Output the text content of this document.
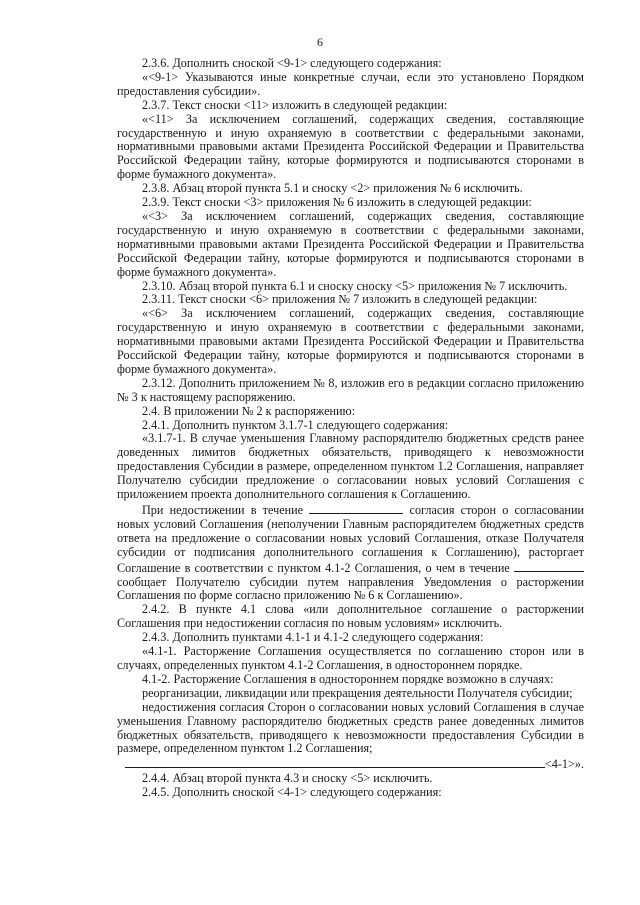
6

2.3.6. Дополнить сноской <9-1> следующего содержания:

«<9-1> Указываются иные конкретные случаи, если это установлено Порядком предоставления субсидии».

2.3.7. Текст сноски <11> изложить в следующей редакции:

«<11> За исключением соглашений, содержащих сведения, составляющие государственную и иную охраняемую в соответствии с федеральными законами, нормативными правовыми актами Президента Российской Федерации и Правительства Российской Федерации тайну, которые формируются и подписываются сторонами в форме бумажного документа».

2.3.8. Абзац второй пункта 5.1 и сноску <2> приложения № 6 исключить.

2.3.9. Текст сноски <3> приложения № 6 изложить в следующей редакции:

«<3> За исключением соглашений, содержащих сведения, составляющие государственную и иную охраняемую в соответствии с федеральными законами, нормативными правовыми актами Президента Российской Федерации и Правительства Российской Федерации тайну, которые формируются и подписываются сторонами в форме бумажного документа».

2.3.10. Абзац второй пункта 6.1 и сноску сноску <5> приложения № 7 исключить.

2.3.11. Текст сноски <6> приложения № 7 изложить в следующей редакции:

«<6> За исключением соглашений, содержащих сведения, составляющие государственную и иную охраняемую в соответствии с федеральными законами, нормативными правовыми актами Президента Российской Федерации и Правительства Российской Федерации тайну, которые формируются и подписываются сторонами в форме бумажного документа».

2.3.12. Дополнить приложением № 8, изложив его в редакции согласно приложению № 3 к настоящему распоряжению.

2.4. В приложении № 2 к распоряжению:

2.4.1. Дополнить пунктом 3.1.7-1 следующего содержания:

«3.1.7-1. В случае уменьшения Главному распорядителю бюджетных средств ранее доведенных лимитов бюджетных обязательств, приводящего к невозможности предоставления Субсидии в размере, определенном пунктом 1.2 Соглашения, направляет Получателю субсидии предложение о согласовании новых условий Соглашения с приложением проекта дополнительного соглашения к Соглашению.

При недостижении в течение	согласия сторон о согласовании новых условий Соглашения (неполучении Главным распорядителем бюджетных средств ответа на предложение о согласовании новых условий Соглашения, отказе Получателя субсидии от подписания дополнительного соглашения к Соглашению), расторгает Соглашение в соответствии с пунктом 4.1-2 Соглашения, о чем в течение  сообщает Получателю субсидии путем направления Уведомления о расторжении Соглашения по форме согласно приложению № 6 к Соглашению».

2.4.2. В пункте 4.1 слова «или дополнительное соглашение о расторжении Соглашения при недостижении согласия по новым условиям» исключить.

2.4.3. Дополнить пунктами 4.1-1 и 4.1-2 следующего содержания:

«4.1-1. Расторжение Соглашения осуществляется по соглашению сторон или в случаях, определенных пунктом 4.1-2 Соглашения, в одностороннем порядке.

4.1-2. Расторжение Соглашения в одностороннем порядке возможно в случаях:

реорганизации, ликвидации или прекращения деятельности Получателя субсидии;

недостижения согласия Сторон о согласовании новых условий Соглашения в случае уменьшения Главному распорядителю бюджетных средств ранее доведенных лимитов бюджетных обязательств, приводящего к невозможности предоставления Субсидии в размере, определенном пунктом 1.2 Соглашения;

<4-1>».

2.4.4. Абзац второй пункта 4.3 и сноску <5> исключить.

2.4.5. Дополнить сноской <4-1> следующего содержания:
